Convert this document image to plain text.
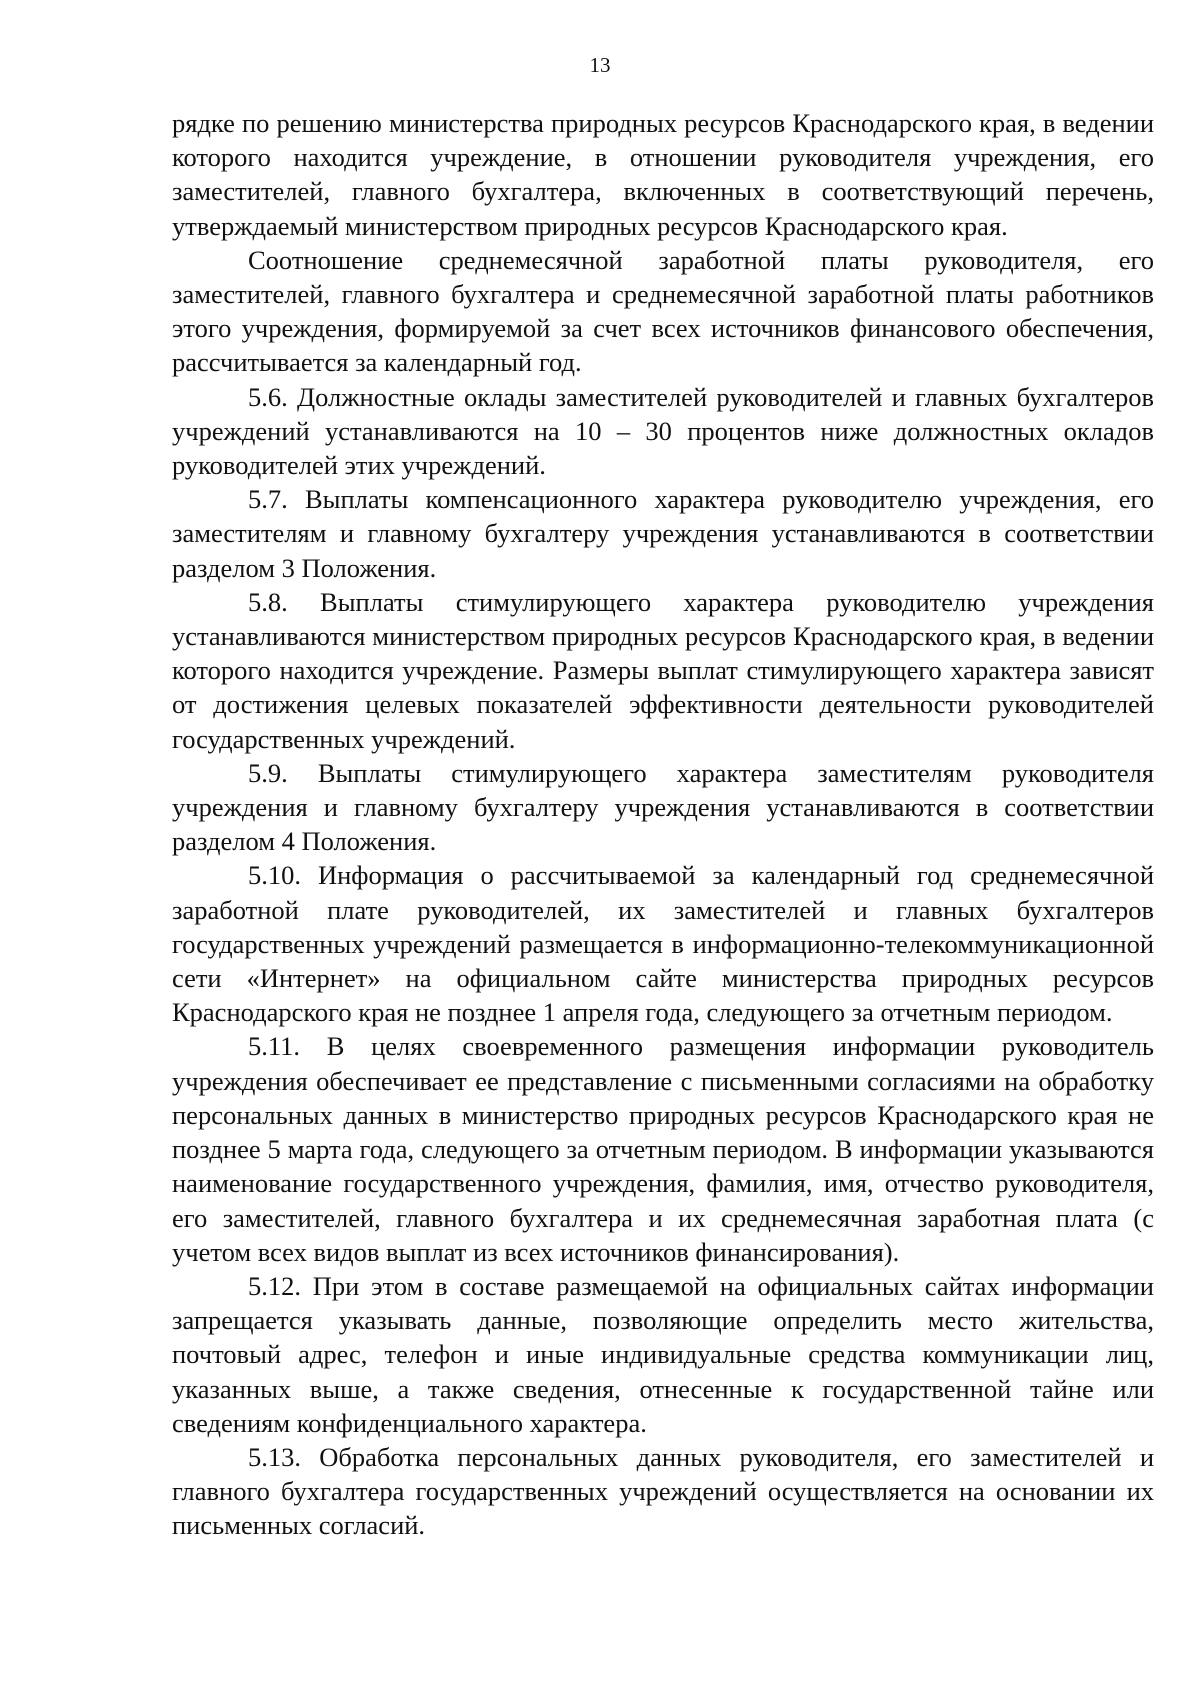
13

рядке по решению министерства природных ресурсов Краснодарского края, в ведении которого находится учреждение, в отношении руководителя учреждения, его заместителей, главного бухгалтера, включенных в соответствующий перечень, утверждаемый министерством природных ресурсов Краснодарского края.

Соотношение среднемесячной заработной платы руководителя, его заместителей, главного бухгалтера и среднемесячной заработной платы работников этого учреждения, формируемой за счет всех источников финансового обеспечения, рассчитывается за календарный год.

5.6. Должностные оклады заместителей руководителей и главных бухгалтеров учреждений устанавливаются на 10 – 30 процентов ниже должностных окладов руководителей этих учреждений.

5.7. Выплаты компенсационного характера руководителю учреждения, его заместителям и главному бухгалтеру учреждения устанавливаются в соответствии разделом 3 Положения.

5.8. Выплаты стимулирующего характера руководителю учреждения устанавливаются министерством природных ресурсов Краснодарского края, в ведении которого находится учреждение. Размеры выплат стимулирующего характера зависят от достижения целевых показателей эффективности деятельности руководителей государственных учреждений.

5.9. Выплаты стимулирующего характера заместителям руководителя учреждения и главному бухгалтеру учреждения устанавливаются в соответствии разделом 4 Положения.

5.10. Информация о рассчитываемой за календарный год среднемесячной заработной плате руководителей, их заместителей и главных бухгалтеров государственных учреждений размещается в информационно-телекоммуникационной сети «Интернет» на официальном сайте министерства природных ресурсов Краснодарского края не позднее 1 апреля года, следующего за отчетным периодом.

5.11. В целях своевременного размещения информации руководитель учреждения обеспечивает ее представление с письменными согласиями на обработку персональных данных в министерство природных ресурсов Краснодарского края не позднее 5 марта года, следующего за отчетным периодом. В информации указываются наименование государственного учреждения, фамилия, имя, отчество руководителя, его заместителей, главного бухгалтера и их среднемесячная заработная плата (с учетом всех видов выплат из всех источников финансирования).

5.12. При этом в составе размещаемой на официальных сайтах информации запрещается указывать данные, позволяющие определить место жительства, почтовый адрес, телефон и иные индивидуальные средства коммуникации лиц, указанных выше, а также сведения, отнесенные к государственной тайне или сведениям конфиденциального характера.

5.13. Обработка персональных данных руководителя, его заместителей и главного бухгалтера государственных учреждений осуществляется на основании их письменных согласий.
